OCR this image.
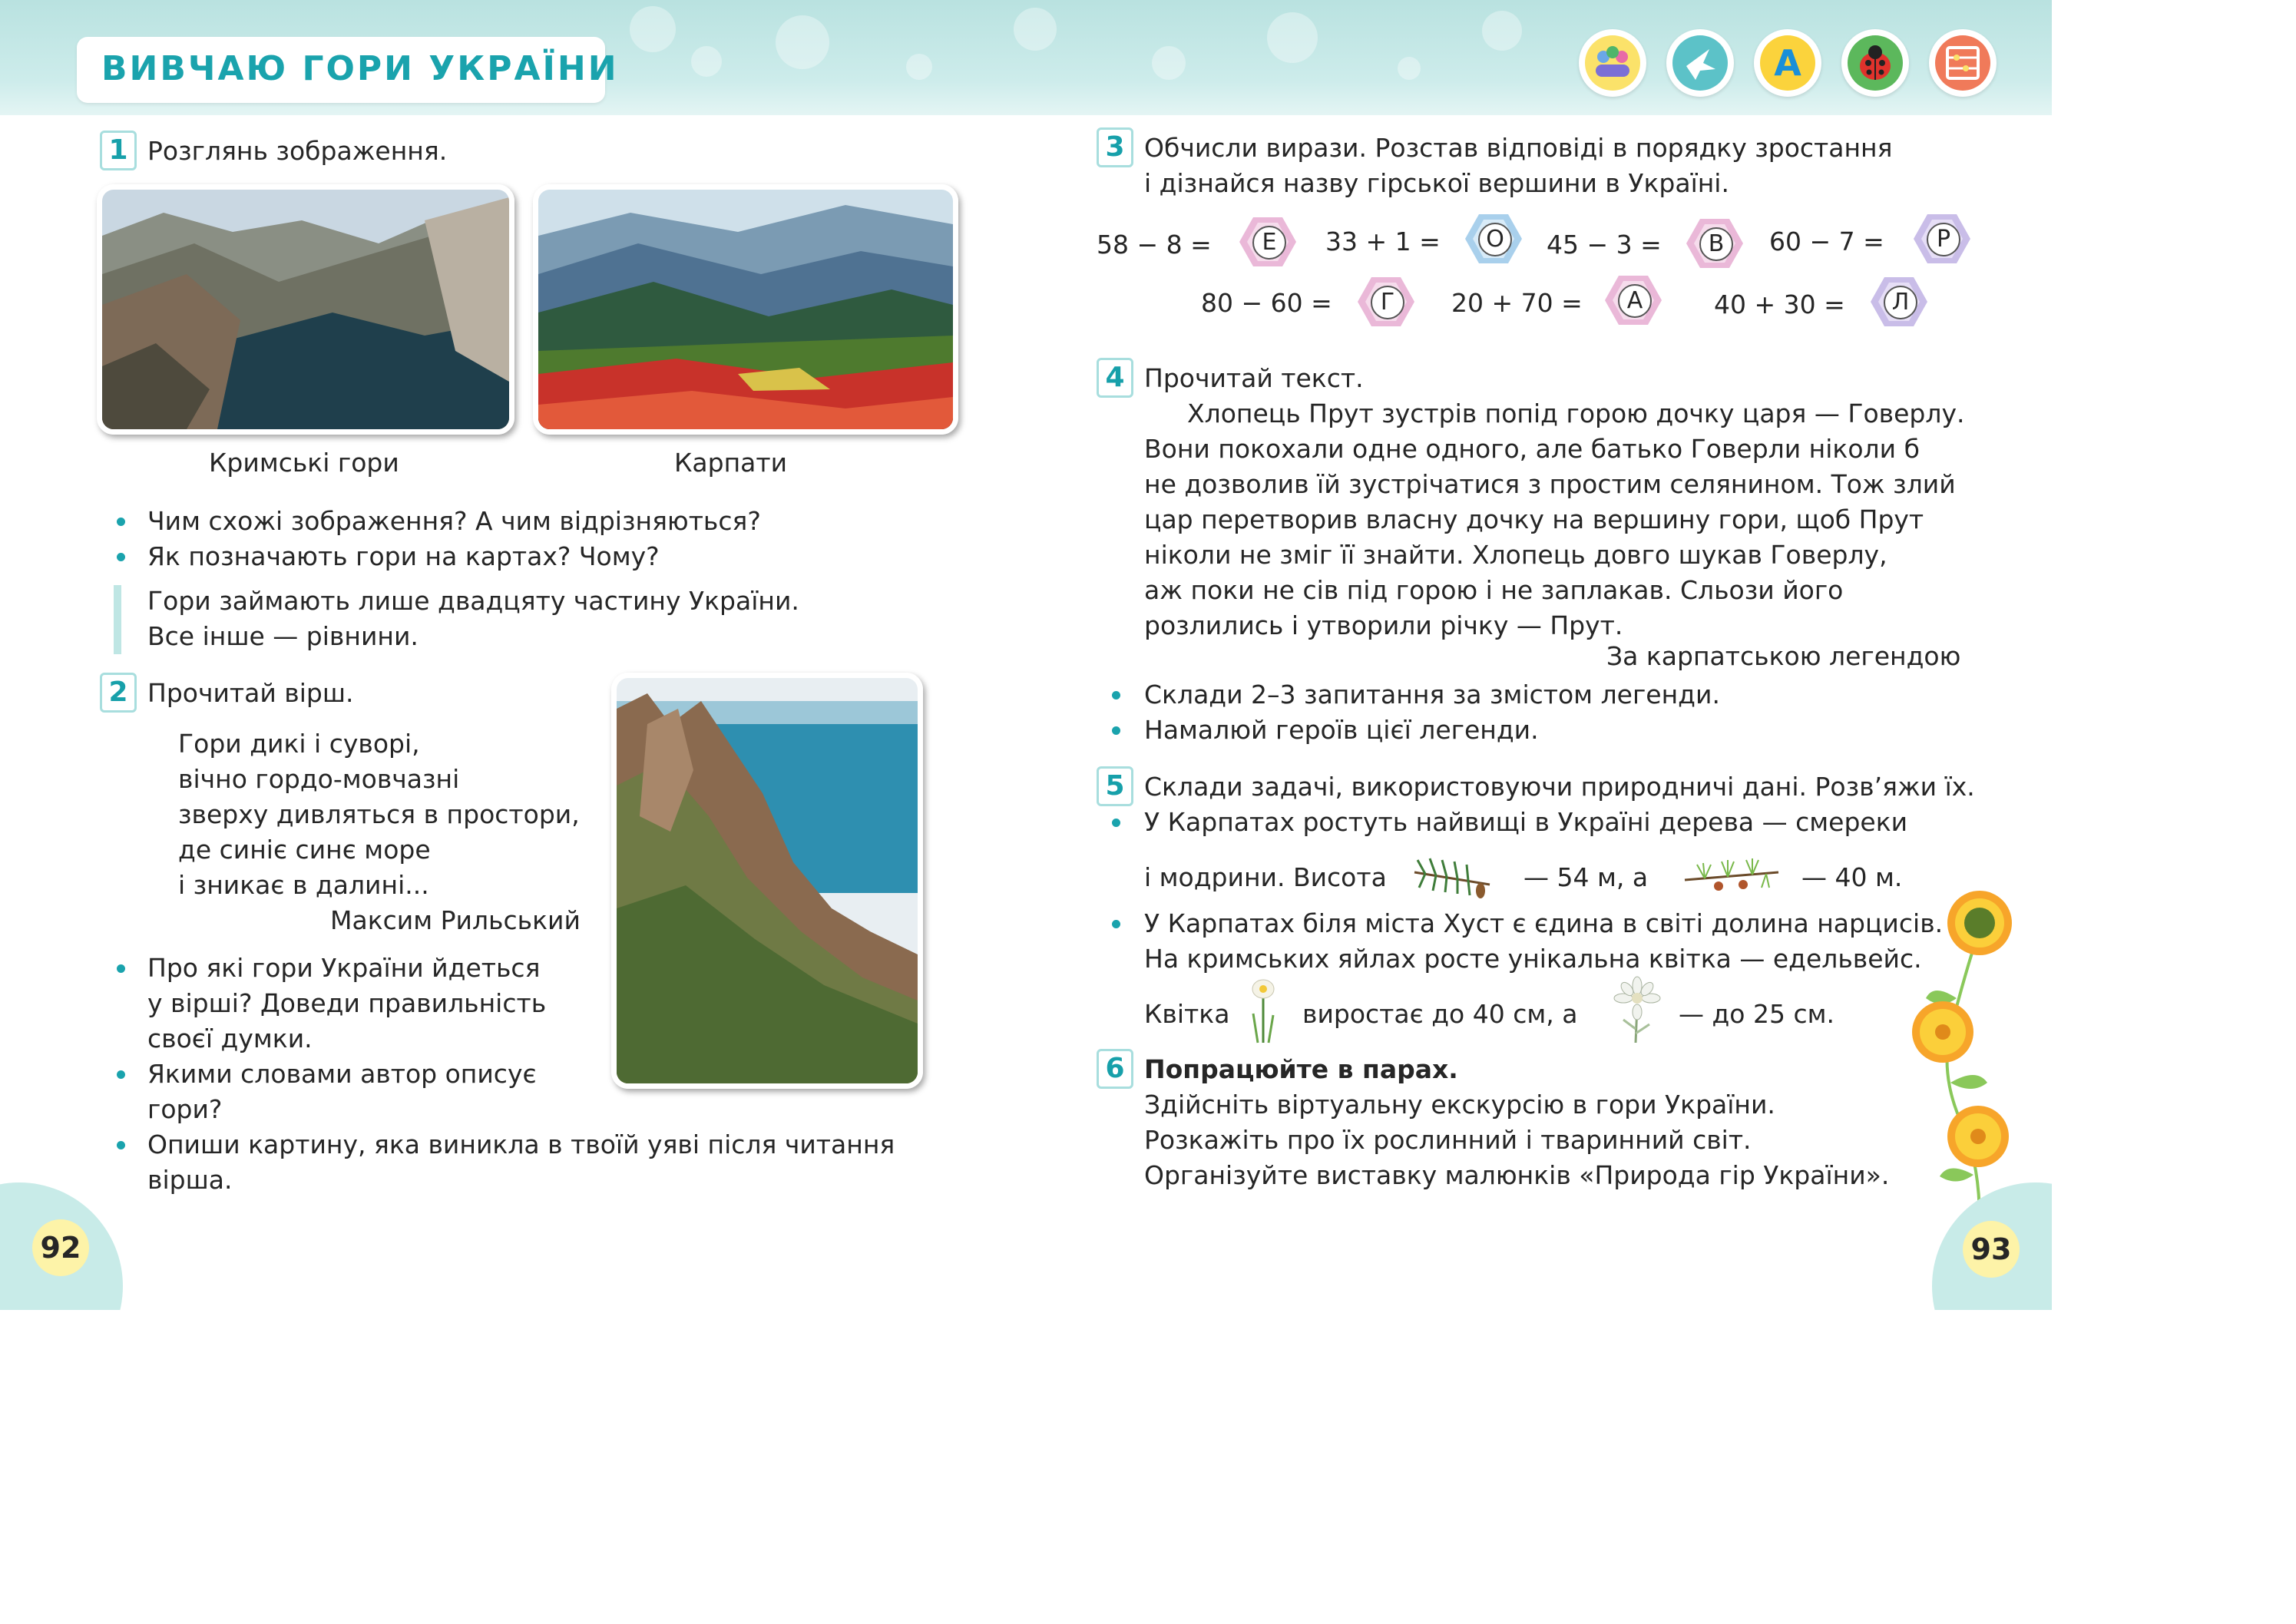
ВИВЧАЮ ГОРИ УКРАЇНИ	A
1 Розглянь зображення.
Кримські гори	Карпати
Чим схожі зображення? А чим відрізняються?
Як позначають гори на картах? Чому?
Гори займають лише двадцяту частину України.
Все інше — рівнини.
2 Прочитай вірш.
Гори дикі і суворі,
вічно гордо-мовчазні
зверху дивляться в простори,
де синіє синє море
і зникає в далині...
Максим Рильський
Про які гори України йдеться
у вірші? Доведи правильність
своєї думки.
Якими словами автор описує
гори?
Опиши картину, яка виникла в твоїй уяві після читання
вірша.
92
3 Обчисли вирази. Розстав відповіді в порядку зростання
і дізнайся назву гірської вершини в Україні.
58 − 8 =	Е	33 + 1 =	О	45 − 3 =	В	60 − 7 =	Р
80 − 60 =	Г	20 + 70 =	А	40 + 30 =	Л
4 Прочитай текст.
Хлопець Прут зустрів попід горою дочку царя — Говерлу.
Вони покохали одне одного, але батько Говерли ніколи б
не дозволив їй зустрічатися з простим селянином. Тож злий
цар перетворив власну дочку на вершину гори, щоб Прут
ніколи не зміг її знайти. Хлопець довго шукав Говерлу,
аж поки не сів під горою і не заплакав. Сльози його
розлились і утворили річку — Прут.
За карпатською легендою
Склади 2–3 запитання за змістом легенди.
Намалюй героїв цієї легенди.
5 Склади задачі, використовуючи природничі дані. Розв’яжи їх.
У Карпатах ростуть найвищі в Україні дерева — смереки
і модрини. Висота	— 54 м, а	— 40 м.
У Карпатах біля міста Хуст є єдина в світі долина нарцисів.
На кримських яйлах росте унікальна квітка — едельвейс.
Квітка	виростає до 40 см, а	— до 25 см.
6 Попрацюйте в парах.
Здійсніть віртуальну екскурсію в гори України.
Розкажіть про їх рослинний і тваринний світ.
Організуйте виставку малюнків «Природа гір України».
93
